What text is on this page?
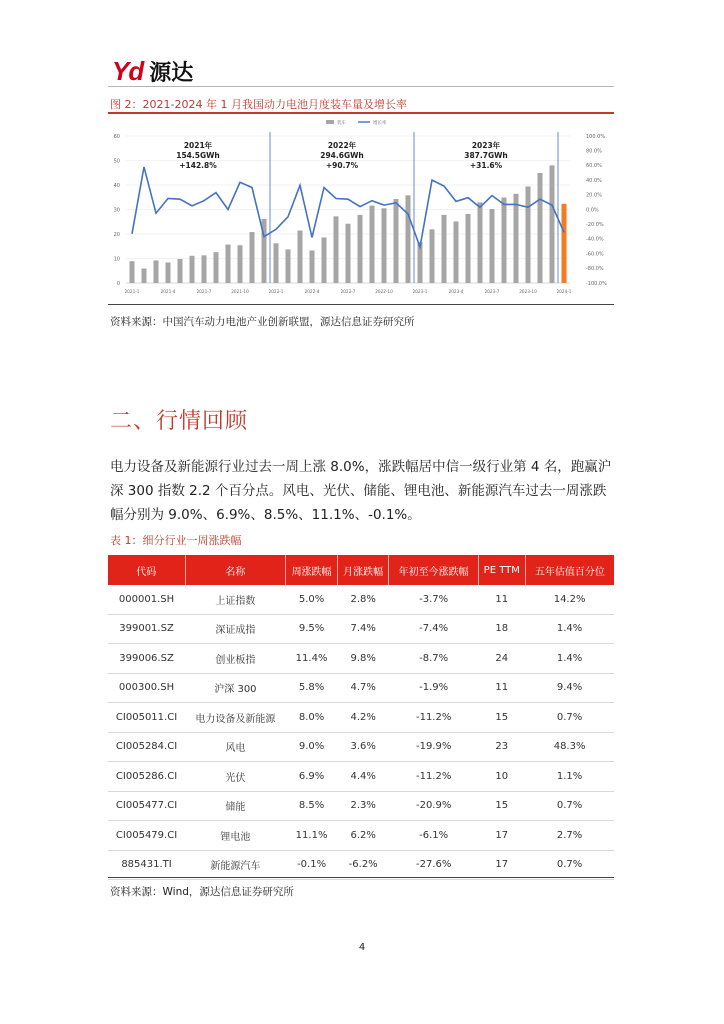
Yd 源达
图 2：2021-2024 年 1 月我国动力电池月度装车量及增长率
0
10
20
30
40
50
60	100.0%
80.0%
60.0%
40.0%
20.0%
0.0%
-20.0%
-40.0%
-60.0%
-80.0%
-100.0%
2021-1	2021-4	2021-7	2021-10	2022-1	2022-4	2022-7	2022-10	2023-1	2023-4	2023-7	2023-10	2024-1
装车	增长率
2021年
154.5GWh
+142.8%
2022年
294.6GWh
+90.7%
2023年
387.7GWh
+31.6%
资料来源：中国汽车动力电池产业创新联盟，源达信息证券研究所
二、行情回顾
电力设备及新能源行业过去一周上涨 8.0%，涨跌幅居中信一级行业第 4 名，跑赢沪深 300 指数 2.2 个百分点。风电、光伏、储能、锂电池、新能源汽车过去一周涨跌幅分别为 9.0%、6.9%、8.5%、11.1%、-0.1%。
表 1：细分行业一周涨跌幅
代码	名称	周涨跌幅	月涨跌幅	年初至今涨跌幅	PE TTM	五年估值百分位
000001.SH	上证指数	5.0%	2.8%	-3.7%	11	14.2%
399001.SZ	深证成指	9.5%	7.4%	-7.4%	18	1.4%
399006.SZ	创业板指	11.4%	9.8%	-8.7%	24	1.4%
000300.SH	沪深 300	5.8%	4.7%	-1.9%	11	9.4%
CI005011.CI	电力设备及新能源	8.0%	4.2%	-11.2%	15	0.7%
CI005284.CI	风电	9.0%	3.6%	-19.9%	23	48.3%
CI005286.CI	光伏	6.9%	4.4%	-11.2%	10	1.1%
CI005477.CI	储能	8.5%	2.3%	-20.9%	15	0.7%
CI005479.CI	锂电池	11.1%	6.2%	-6.1%	17	2.7%
885431.TI	新能源汽车	-0.1%	-6.2%	-27.6%	17	0.7%
资料来源：Wind，源达信息证券研究所
4
